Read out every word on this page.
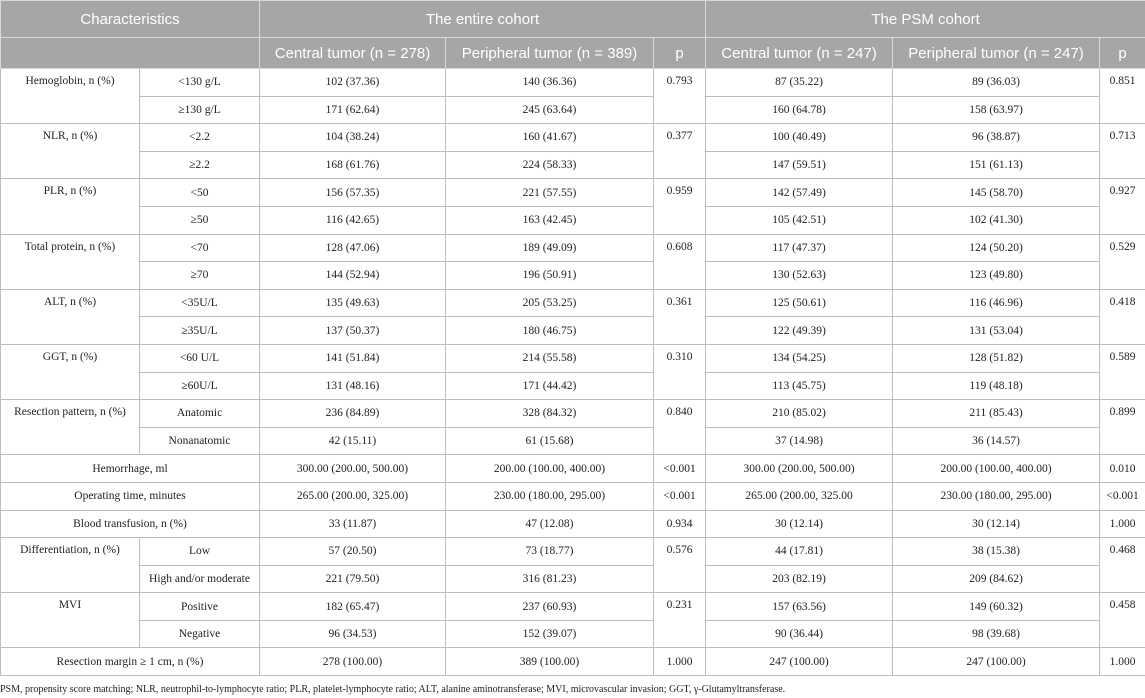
Characteristics		The entire cohort			The PSM cohort		
		Central tumor (n = 278)	Peripheral tumor (n = 389)	p	Central tumor (n = 247)	Peripheral tumor (n = 247)	p
Hemoglobin, n (%)	<130 g/L	102 (37.36)	140 (36.36)	0.793	87 (35.22)	89 (36.03)	0.851
	≥130 g/L	171 (62.64)	245 (63.64)		160 (64.78)	158 (63.97)	
NLR, n (%)	<2.2	104 (38.24)	160 (41.67)	0.377	100 (40.49)	96 (38.87)	0.713
	≥2.2	168 (61.76)	224 (58.33)		147 (59.51)	151 (61.13)	
PLR, n (%)	<50	156 (57.35)	221 (57.55)	0.959	142 (57.49)	145 (58.70)	0.927
	≥50	116 (42.65)	163 (42.45)		105 (42.51)	102 (41.30)	
Total protein, n (%)	<70	128 (47.06)	189 (49.09)	0.608	117 (47.37)	124 (50.20)	0.529
	≥70	144 (52.94)	196 (50.91)		130 (52.63)	123 (49.80)	
ALT, n (%)	<35U/L	135 (49.63)	205 (53.25)	0.361	125 (50.61)	116 (46.96)	0.418
	≥35U/L	137 (50.37)	180 (46.75)		122 (49.39)	131 (53.04)	
GGT, n (%)	<60 U/L	141 (51.84)	214 (55.58)	0.310	134 (54.25)	128 (51.82)	0.589
	≥60U/L	131 (48.16)	171 (44.42)		113 (45.75)	119 (48.18)	
Resection pattern, n (%)	Anatomic	236 (84.89)	328 (84.32)	0.840	210 (85.02)	211 (85.43)	0.899
	Nonanatomic	42 (15.11)	61 (15.68)		37 (14.98)	36 (14.57)	
Hemorrhage, ml		300.00 (200.00, 500.00)	200.00 (100.00, 400.00)	<0.001	300.00 (200.00, 500.00)	200.00 (100.00, 400.00)	0.010
Operating time, minutes		265.00 (200.00, 325.00)	230.00 (180.00, 295.00)	<0.001	265.00 (200.00, 325.00	230.00 (180.00, 295.00)	<0.001
Blood transfusion, n (%)		33 (11.87)	47 (12.08)	0.934	30 (12.14)	30 (12.14)	1.000
Differentiation, n (%)	Low	57 (20.50)	73 (18.77)	0.576	44 (17.81)	38 (15.38)	0.468
	High and/or moderate	221 (79.50)	316 (81.23)		203 (82.19)	209 (84.62)	
MVI	Positive	182 (65.47)	237 (60.93)	0.231	157 (63.56)	149 (60.32)	0.458
	Negative	96 (34.53)	152 (39.07)		90 (36.44)	98 (39.68)	
Resection margin ≥ 1 cm, n (%)		278 (100.00)	389 (100.00)	1.000	247 (100.00)	247 (100.00)	1.000
PSM, propensity score matching; NLR, neutrophil-to-lymphocyte ratio; PLR, platelet-lymphocyte ratio; ALT, alanine aminotransferase; MVI, microvascular invasion; GGT, γ-Glutamyltransferase.
